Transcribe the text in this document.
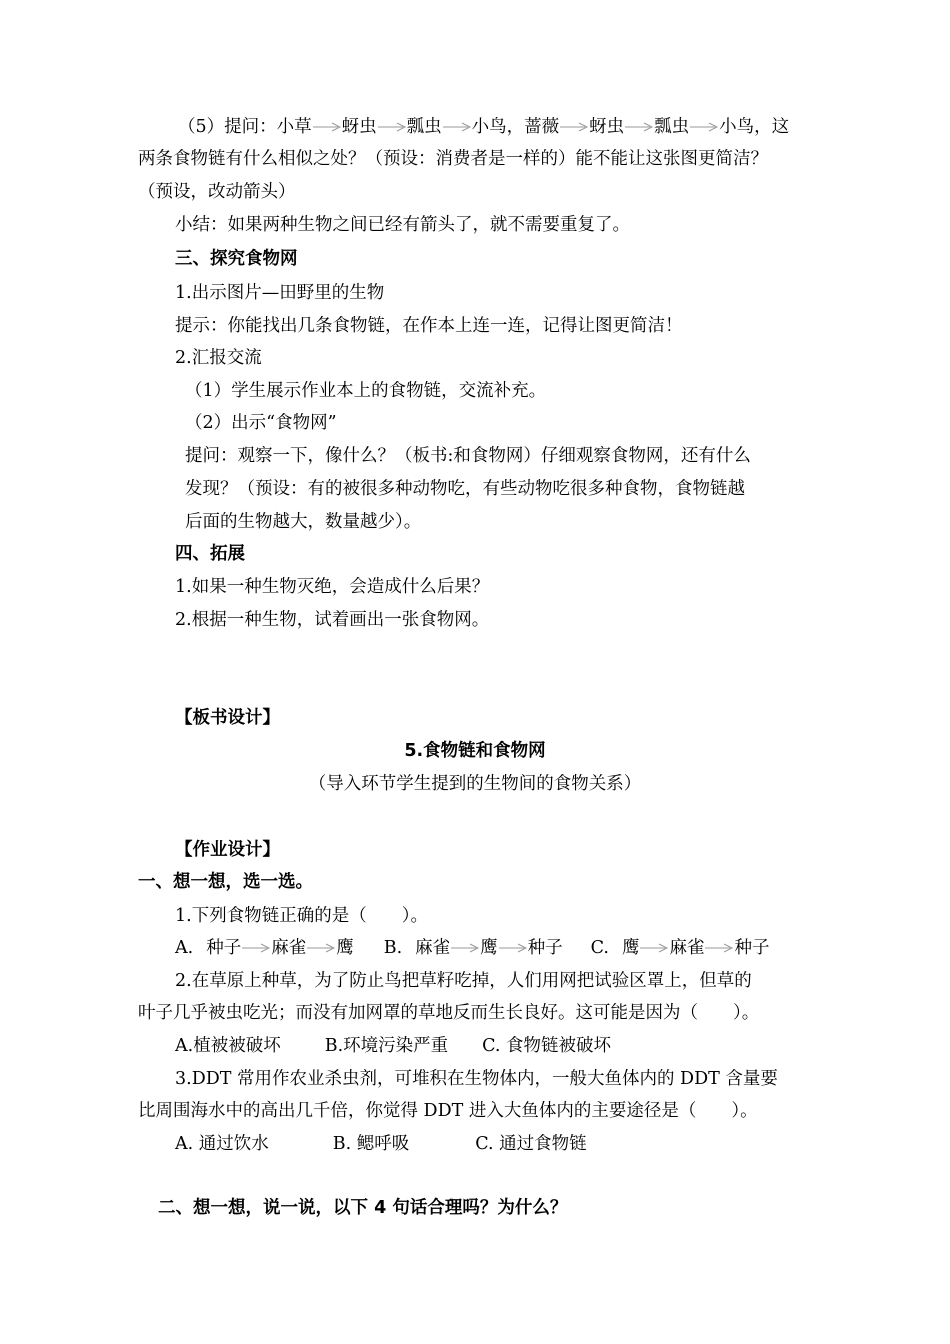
（5）提问：小草 蚜虫 瓢虫 小鸟，蔷薇 蚜虫 瓢虫 小鸟，这
两条食物链有什么相似之处？（预设：消费者是一样的）能不能让这张图更简洁？
（预设，改动箭头）
小结：如果两种生物之间已经有箭头了，就不需要重复了。
三、探究食物网
1.出示图片—田野里的生物
提示：你能找出几条食物链，在作本上连一连，记得让图更简洁！
2.汇报交流
（1）学生展示作业本上的食物链，交流补充。
（2）出示“食物网”
提问：观察一下，像什么？（板书:和食物网）仔细观察食物网，还有什么
发现？（预设：有的被很多种动物吃，有些动物吃很多种食物，食物链越
后面的生物越大，数量越少）。
四、拓展
1.如果一种生物灭绝，会造成什么后果？
2.根据一种生物，试着画出一张食物网。
【板书设计】
5.食物链和食物网
（导入环节学生提到的生物间的食物关系）
【作业设计】
一、想一想，选一选。
1.下列食物链正确的是（　　）。
A. 种子 麻雀 鹰 B. 麻雀 鹰 种子 C. 鹰 麻雀 种子
2.在草原上种草，为了防止鸟把草籽吃掉，人们用网把试验区罩上，但草的
叶子几乎被虫吃光；而没有加网罩的草地反而生长良好。这可能是因为（　　）。
A.植被被破坏	B.环境污染严重 C. 食物链被破坏
3.DDT 常用作农业杀虫剂，可堆积在生物体内，一般大鱼体内的 DDT 含量要
比周围海水中的高出几千倍，你觉得 DDT 进入大鱼体内的主要途径是（　　）。
A. 通过饮水	B. 鳃呼吸	C. 通过食物链
二、想一想，说一说，以下 4 句话合理吗？为什么？
